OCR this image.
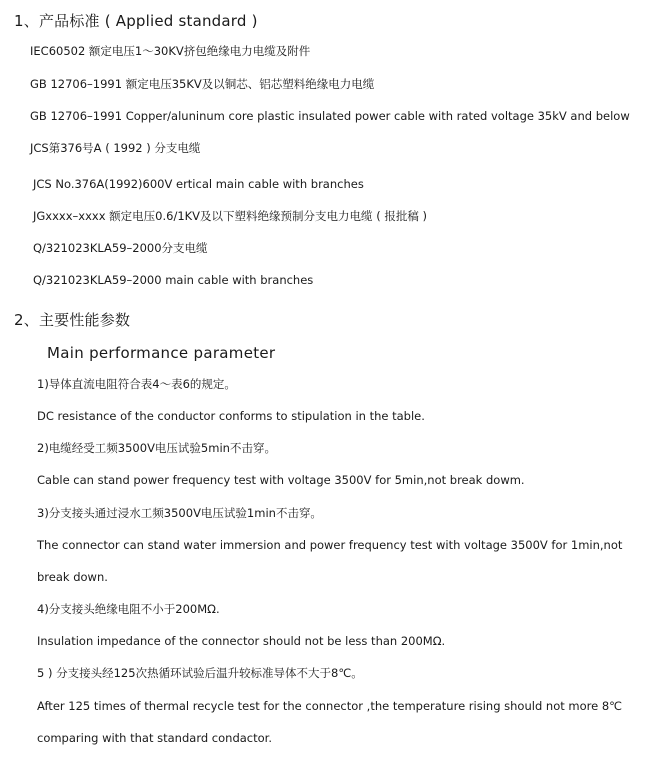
1、产品标准 ( Applied standard )
IEC60502 额定电压1～30KV挤包绝缘电力电缆及附件
GB 12706–1991 额定电压35KV及以铜芯、铝芯塑料绝缘电力电缆
GB 12706–1991 Copper/aluninum core plastic insulated power cable with rated voltage 35kV and below
JCS第376号A ( 1992 ) 分支电缆
JCS No.376A(1992)600V ertical main cable with branches
JGxxxx–xxxx 额定电压0.6/1KV及以下塑料绝缘预制分支电力电缆 ( 报批稿 )
Q/321023KLA59–2000分支电缆
Q/321023KLA59–2000 main cable with branches
2、主要性能参数
Main performance parameter
1)导体直流电阻符合表4～表6的规定。
DC resistance of the conductor conforms to stipulation in the table.
2)电缆经受工频3500V电压试验5min不击穿。
Cable can stand power frequency test with voltage 3500V for 5min,not break dowm.
3)分支接头通过浸水工频3500V电压试验1min不击穿。
The connector can stand water immersion and power frequency test with voltage 3500V for 1min,not
break down.
4)分支接头绝缘电阻不小于200MΩ.
Insulation impedance of the connector should not be less than 200MΩ.
5 ) 分支接头经125次热循环试验后温升较标准导体不大于8℃。
After 125 times of thermal recycle test for the connector ,the temperature rising should not more 8℃
comparing with that standard condactor.
